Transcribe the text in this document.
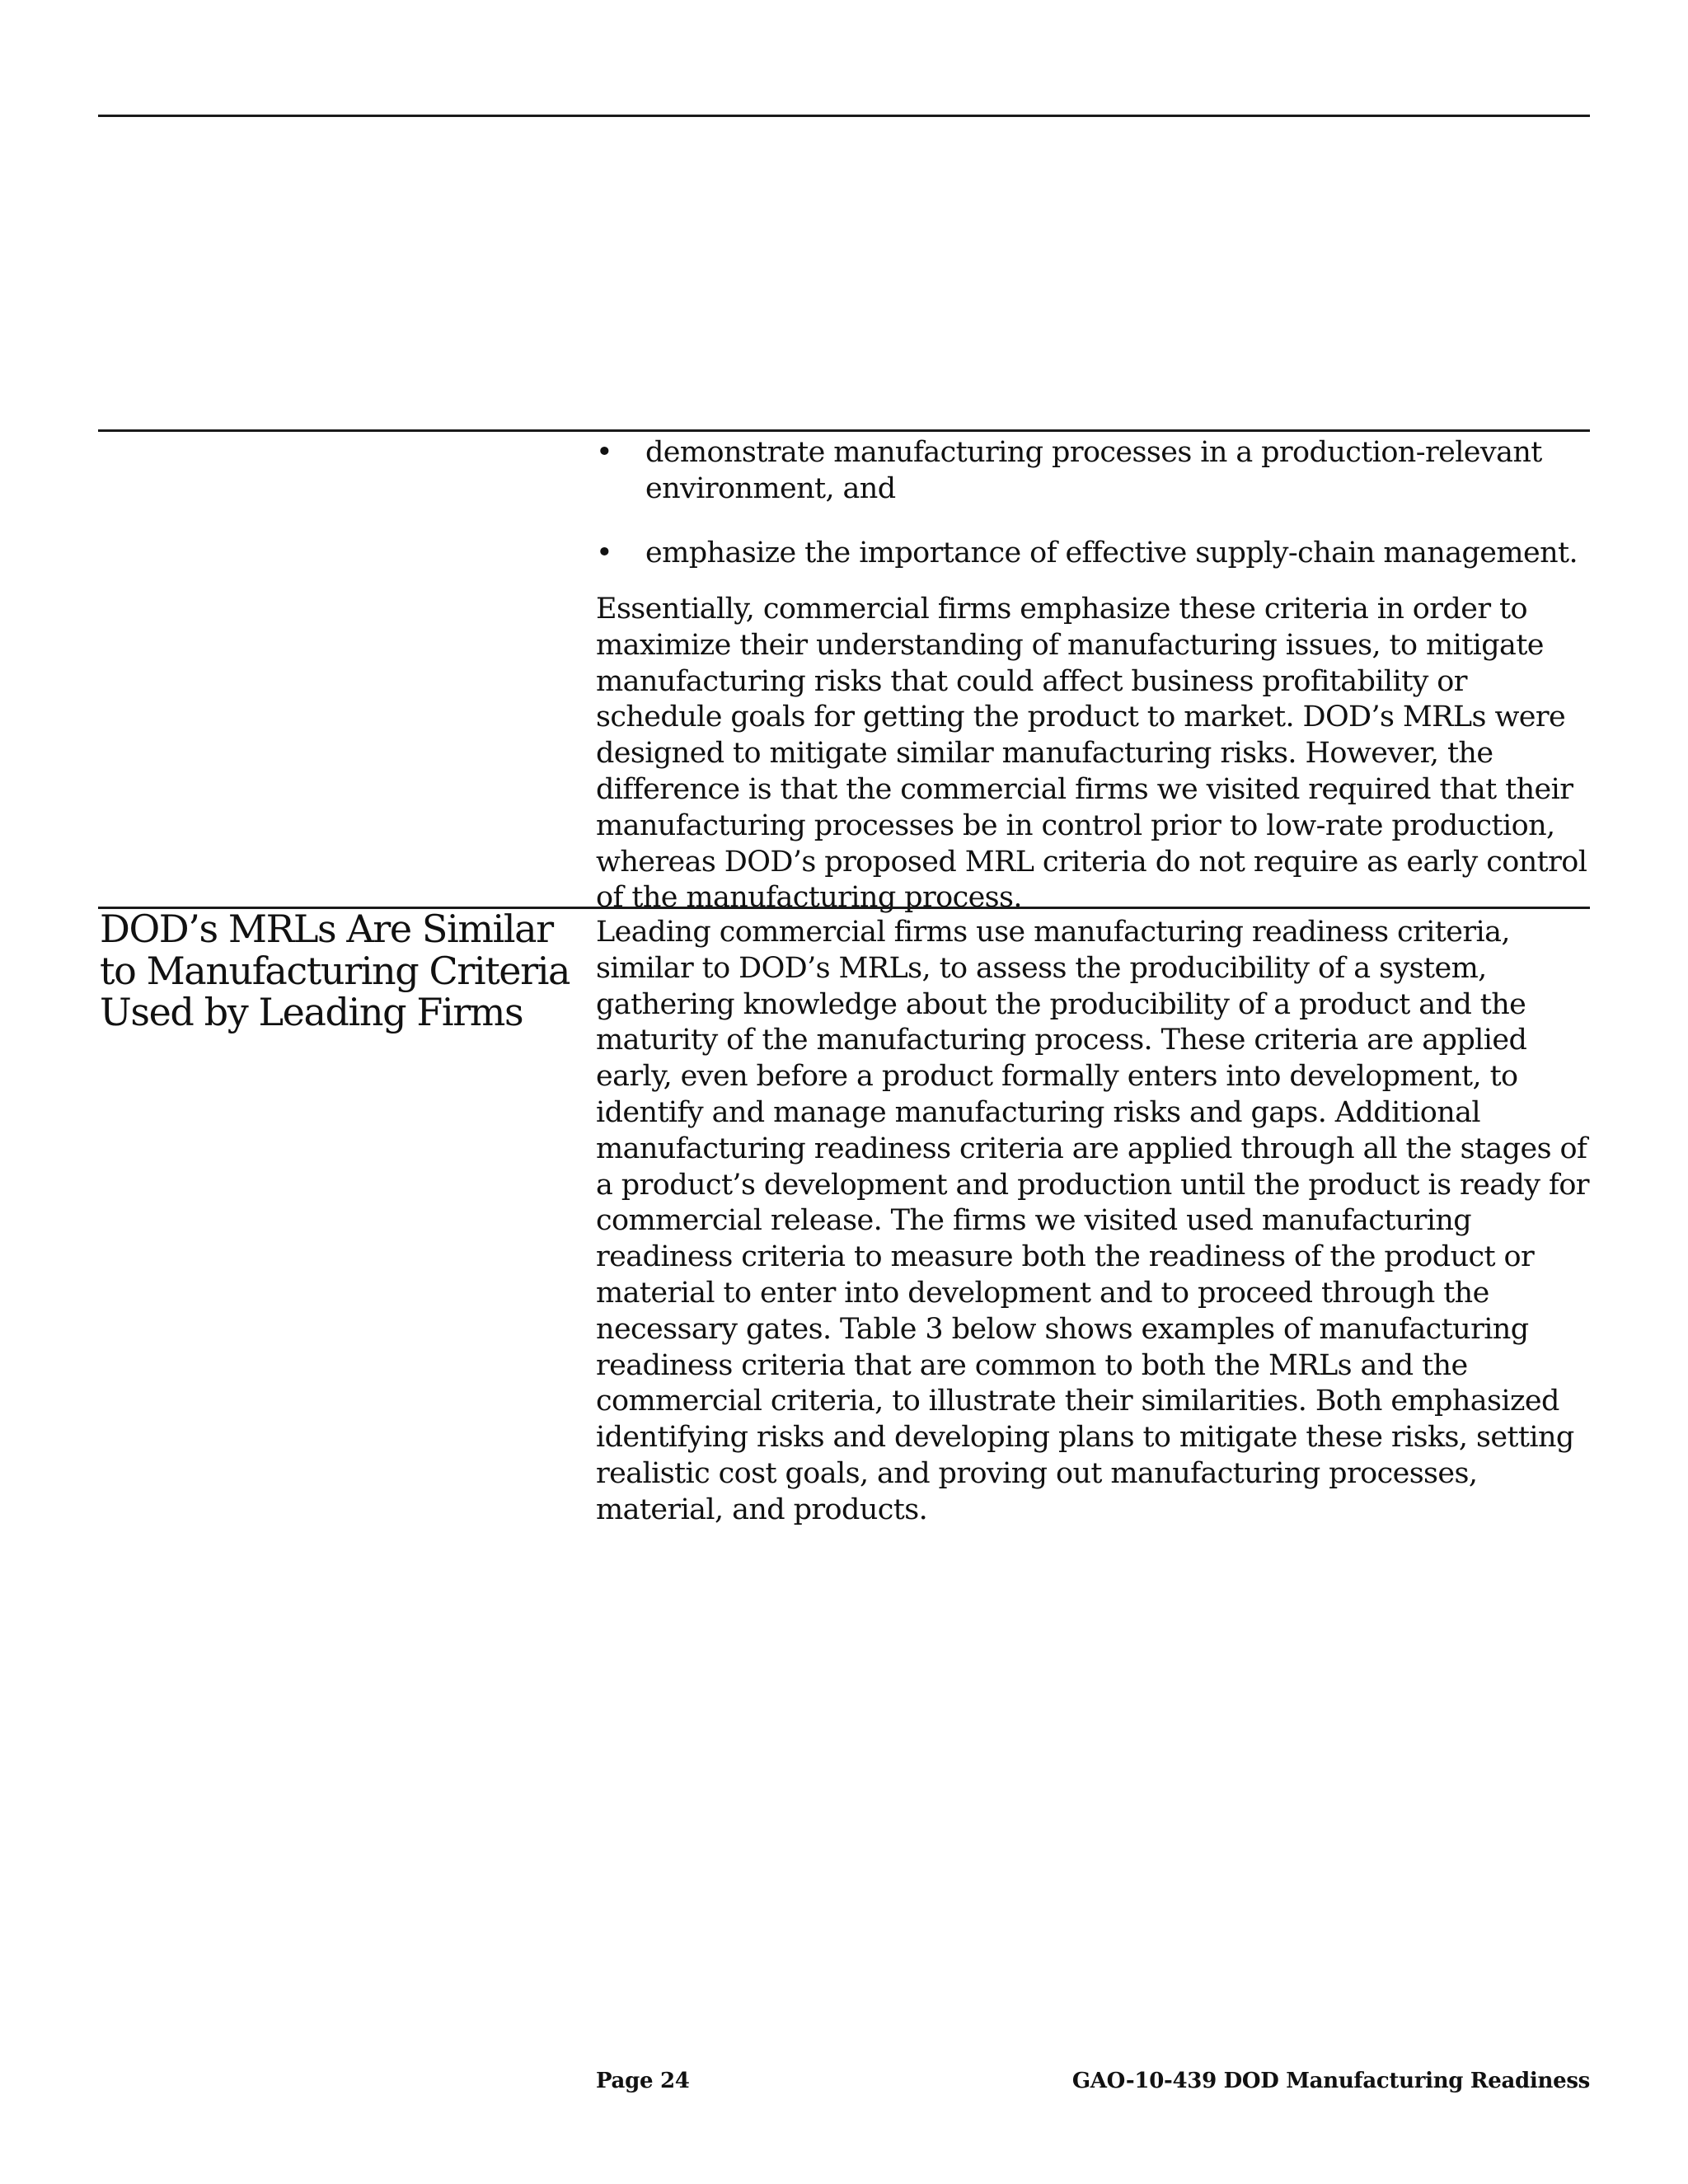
• demonstrate manufacturing processes in a production-relevant environment, and
• emphasize the importance of effective supply-chain management.

Essentially, commercial firms emphasize these criteria in order to maximize their understanding of manufacturing issues, to mitigate manufacturing risks that could affect business profitability or schedule goals for getting the product to market. DOD’s MRLs were designed to mitigate similar manufacturing risks. However, the difference is that the commercial firms we visited required that their manufacturing processes be in control prior to low-rate production, whereas DOD’s proposed MRL criteria do not require as early control of the manufacturing process.

DOD’s MRLs Are Similar to Manufacturing Criteria Used by Leading Firms

Leading commercial firms use manufacturing readiness criteria, similar to DOD’s MRLs, to assess the producibility of a system, gathering knowledge about the producibility of a product and the maturity of the manufacturing process. These criteria are applied early, even before a product formally enters into development, to identify and manage manufacturing risks and gaps. Additional manufacturing readiness criteria are applied through all the stages of a product’s development and production until the product is ready for commercial release. The firms we visited used manufacturing readiness criteria to measure both the readiness of the product or material to enter into development and to proceed through the necessary gates. Table 3 below shows examples of manufacturing readiness criteria that are common to both the MRLs and the commercial criteria, to illustrate their similarities. Both emphasized identifying risks and developing plans to mitigate these risks, setting realistic cost goals, and proving out manufacturing processes, material, and products.

Page 24	GAO-10-439 DOD Manufacturing Readiness
